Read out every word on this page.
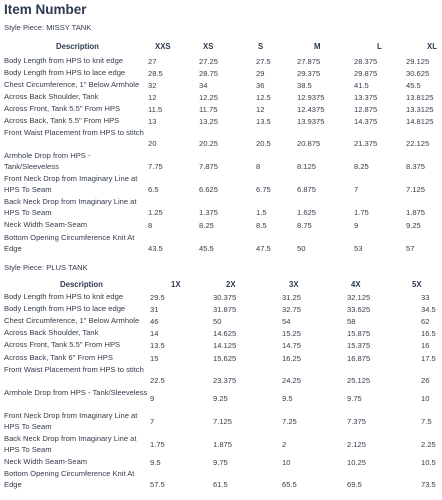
Item Number
Style Piece: MISSY TANK
Description	XXS	XS	S	M	L	XL
Body Length from HPS to knit edge	27	27.25	27.5	27.875	28.375	29.125
Body Length from HPS to lace edge	28.5	28.75	29	29.375	29.875	30.625
Chest Circumference, 1" Below Armhole	32	34	36	38.5	41.5	45.5
Across Back Shoulder, Tank	12	12.25	12.5	12.9375	13.375	13.8125
Across Front, Tank 5.5" From HPS	11.5	11.75	12	12.4375	12.875	13.3125
Across Back, Tank 5.5" From HPS	13	13.25	13.5	13.9375	14.375	14.8125
Front Waist Placement from HPS to stitch
20	20.25	20.5	20.875	21.375	22.125
Armhole Drop from HPS - Tank/Sleeveless	7.75	7.875	8	8.125	8.25	8.375
Front Neck Drop from Imaginary Line at HPS To Seam	6.5	6.625	6.75	6.875	7	7.125
Back Neck Drop from Imaginary Line at HPS To Seam	1.25	1.375	1.5	1.625	1.75	1.875
Neck Width Seam-Seam	8	8.25	8.5	8.75	9	9.25
Bottom Opening Circumference Knit At Edge	43.5	45.5	47.5	50	53	57
Style Piece: PLUS TANK
Description	1X	2X	3X	4X	5X
Body Length from HPS to knit edge	29.5	30.375	31.25	32.125	33
Body Length from HPS to lace edge	31	31.875	32.75	33.625	34.5
Chest Circumference, 1" Below Armhole	46	50	54	58	62
Across Back Shoulder, Tank	14	14.625	15.25	15.875	16.5
Across Front, Tank 5.5" From HPS	13.5	14.125	14.75	15.375	16
Across Back, Tank 6" From HPS	15	15.625	16.25	16.875	17.5
Front Waist Placement from HPS to stitch
22.5	23.375	24.25	25.125	26
Armhole Drop from HPS - Tank/Sleeveless
9	9.25	9.5	9.75	10
Front Neck Drop from Imaginary Line at HPS To Seam	7	7.125	7.25	7.375	7.5
Back Neck Drop from Imaginary Line at HPS To Seam	1.75	1.875	2	2.125	2.25
Neck Width Seam-Seam	9.5	9.75	10	10.25	10.5
Bottom Opening Circumference Knit At Edge	57.5	61.5	65.5	69.5	73.5
